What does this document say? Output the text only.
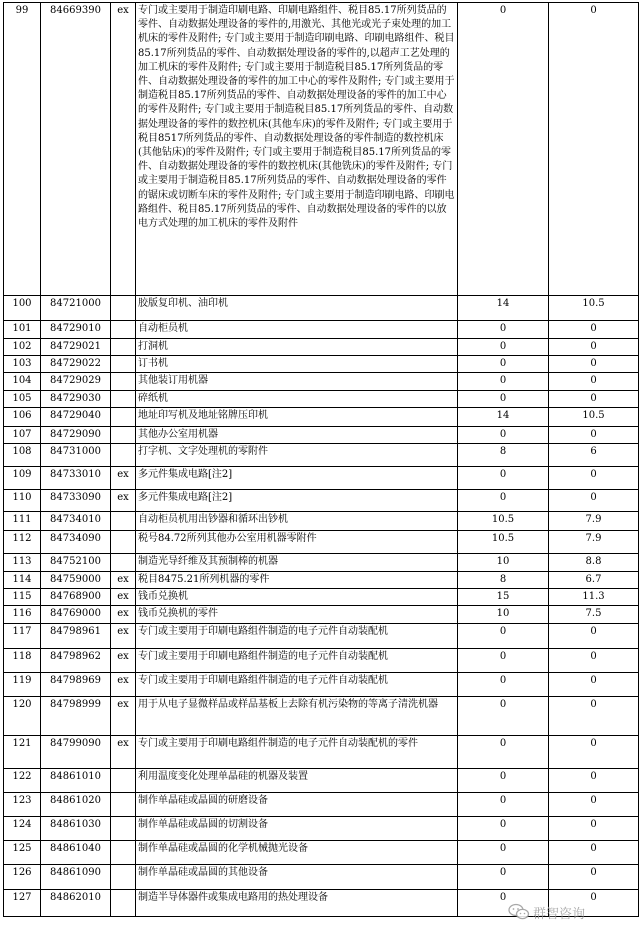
99	84669390	ex	专门或主要用于制造印刷电路、印刷电路组件、税目85.17所列货品的零件、自动数据处理设备的零件的,用激光、其他光或光子束处理的加工机床的零件及附件; 专门或主要用于制造印刷电路、印刷电路组件、税目85.17所列货品的零件、自动数据处理设备的零件的,以超声工艺处理的加工机床的零件及附件; 专门或主要用于制造税目85.17所列货品的零件、自动数据处理设备的零件的加工中心的零件及附件; 专门或主要用于制造税目85.17所列货品的零件、自动数据处理设备的零件的加工中心的零件及附件; 专门或主要用于制造税目85.17所列货品的零件、自动数据处理设备的零件的数控机床(其他车床)的零件及附件; 专门或主要用于税目8517所列货品的零件、自动数据处理设备的零件制造的数控机床(其他钻床)的零件及附件; 专门或主要用于制造税目85.17所列货品的零件、自动数据处理设备的零件的数控机床(其他铣床)的零件及附件; 专门或主要用于制造税目85.17所列货品的零件、自动数据处理设备的零件的锯床或切断车床的零件及附件; 专门或主要用于制造印刷电路、印刷电路组件、税目85.17所列货品的零件、自动数据处理设备的零件的以放电方式处理的加工机床的零件及附件	0	0
100	84721000		胶版复印机、油印机	14	10.5
101	84729010		自动柜员机	0	0
102	84729021		打洞机	0	0
103	84729022		订书机	0	0
104	84729029		其他装订用机器	0	0
105	84729030		碎纸机	0	0
106	84729040		地址印写机及地址铭牌压印机	14	10.5
107	84729090		其他办公室用机器	0	0
108	84731000		打字机、文字处理机的零附件	8	6
109	84733010	ex	多元件集成电路[注2]	0	0
110	84733090	ex	多元件集成电路[注2]	0	0
111	84734010		自动柜员机用出钞器和循环出钞机	10.5	7.9
112	84734090		税号84.72所列其他办公室用机器零附件	10.5	7.9
113	84752100		制造光导纤维及其预制棒的机器	10	8.8
114	84759000	ex	税目8475.21所列机器的零件	8	6.7
115	84768900	ex	钱币兑换机	15	11.3
116	84769000	ex	钱币兑换机的零件	10	7.5
117	84798961	ex	专门或主要用于印刷电路组件制造的电子元件自动装配机	0	0
118	84798962	ex	专门或主要用于印刷电路组件制造的电子元件自动装配机	0	0
119	84798969	ex	专门或主要用于印刷电路组件制造的电子元件自动装配机	0	0
120	84798999	ex	用于从电子显微样品或样品基板上去除有机污染物的等离子清洗机器	0	0
121	84799090	ex	专门或主要用于印刷电路组件制造的电子元件自动装配机的零件	0	0
122	84861010		利用温度变化处理单晶硅的机器及装置	0	0
123	84861020		制作单晶硅或晶圆的研磨设备	0	0
124	84861030		制作单晶硅或晶圆的切割设备	0	0
125	84861040		制作单晶硅或晶圆的化学机械抛光设备	0	0
126	84861090		制作单晶硅或晶圆的其他设备	0	0
127	84862010		制造半导体器件或集成电路用的热处理设备	0	0
群智咨询
